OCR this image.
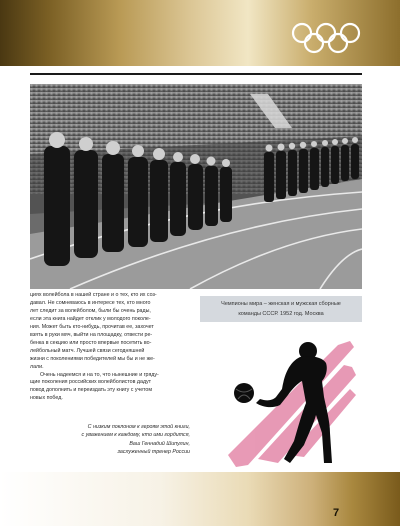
циях волейбола в нашей стране и о тех, кто их соз-

давал. Не сомневаюсь в интересе тех, кто много

лет следит за волейболом, были бы очень рады,

если эта книга найдет отклик у молодого поколе-

ния. Может быть кто-нибудь, прочитав ее, захочет

взять в руки мяч, выйти на площадку, отвести ре-

бенка в секцию или просто впервые посетить во-

лейбольный матч. Лучшей связи сегодняшней

жизни с поколениями победителей мы бы и не жe-

лали.

Очень надеемся и на то, что нынешние и гряду-

щие поколения российских волейболистов дадут

повод дополнить и переиздать эту книгу с учетом

новых побед.

С низким поклоном к героям этой книги,
с уважением к каждому, кто ими гордится,
Ваш Геннадий Шипулин,
заслуженный тренер России
Чемпионы мира – женская и мужская сборные
команды СССР. 1952 год. Москва
7
